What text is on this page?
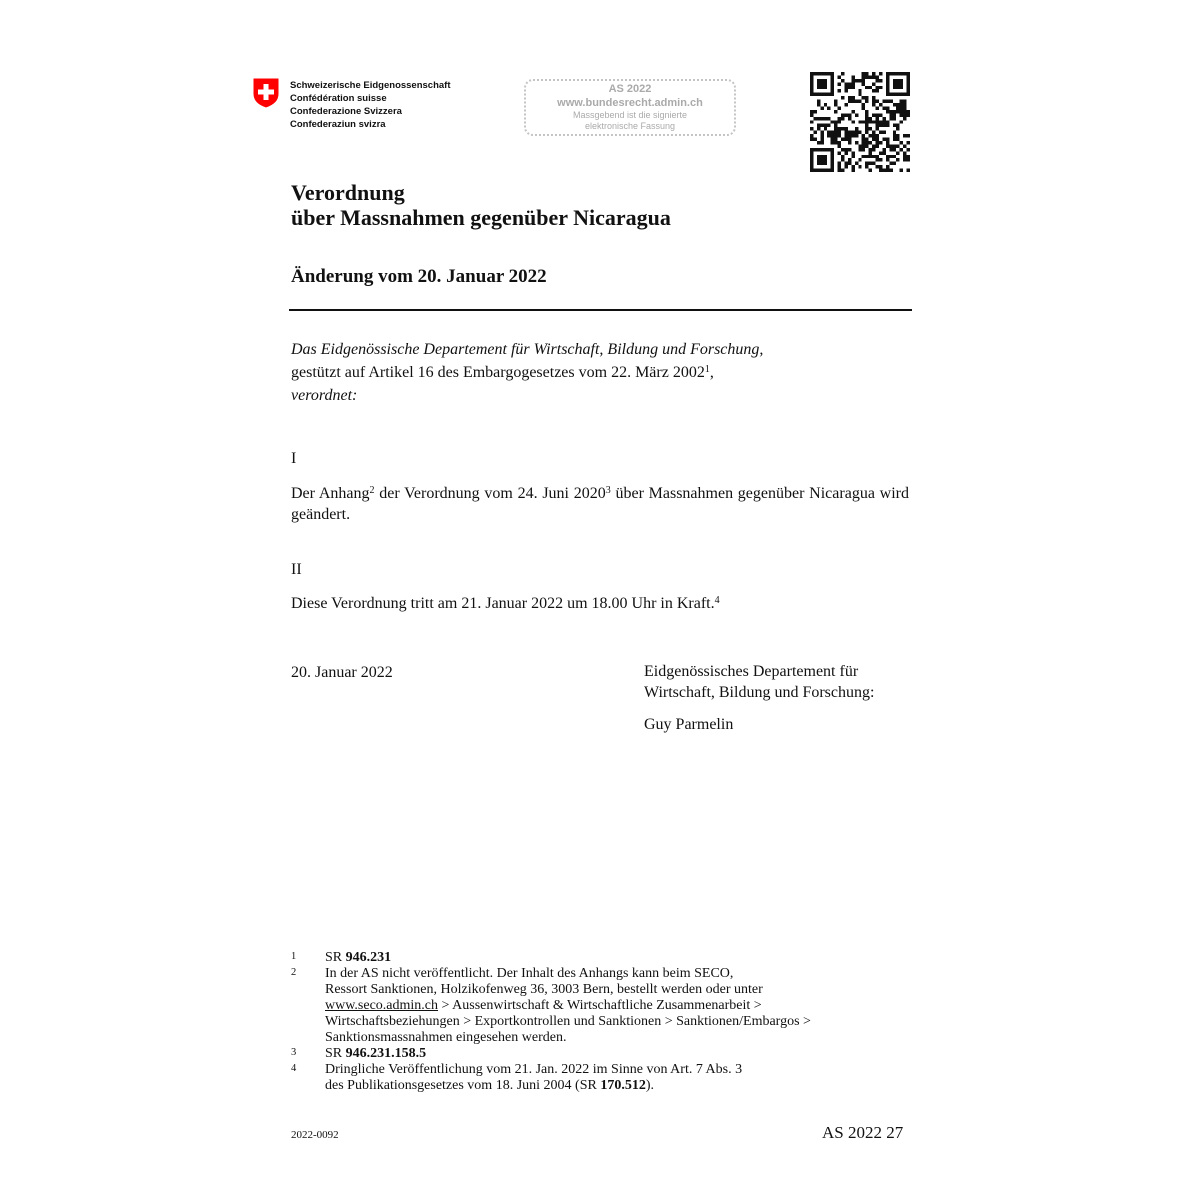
Schweizerische Eidgenossenschaft
Confédération suisse
Confederazione Svizzera
Confederaziun svizra
AS 2022
www.bundesrecht.admin.ch
Massgebend ist die signierte
elektronische Fassung
Verordnung
über Massnahmen gegenüber Nicaragua
Änderung vom 20. Januar 2022
Das Eidgenössische Departement für Wirtschaft, Bildung und Forschung,
gestützt auf Artikel 16 des Embargogesetzes vom 22. März 2002$^1$,
verordnet:
I
Der Anhang$^2$ der Verordnung vom 24. Juni 2020$^3$ über Massnahmen gegenüber Nicaragua wird geändert.
II
Diese Verordnung tritt am 21. Januar 2022 um 18.00 Uhr in Kraft.$^4$
20. Januar 2022	Eidgenössisches Departement für
Wirtschaft, Bildung und Forschung:
Guy Parmelin
1 SR 946.231
2 In der AS nicht veröffentlicht. Der Inhalt des Anhangs kann beim SECO,
Ressort Sanktionen, Holzikofenweg 36, 3003 Bern, bestellt werden oder unter
www.seco.admin.ch > Aussenwirtschaft & Wirtschaftliche Zusammenarbeit >
Wirtschaftsbeziehungen > Exportkontrollen und Sanktionen > Sanktionen/Embargos >
Sanktionsmassnahmen eingesehen werden.
3 SR 946.231.158.5
4 Dringliche Veröffentlichung vom 21. Jan. 2022 im Sinne von Art. 7 Abs. 3
des Publikationsgesetzes vom 18. Juni 2004 (SR 170.512).
2022-0092	AS 2022 27
